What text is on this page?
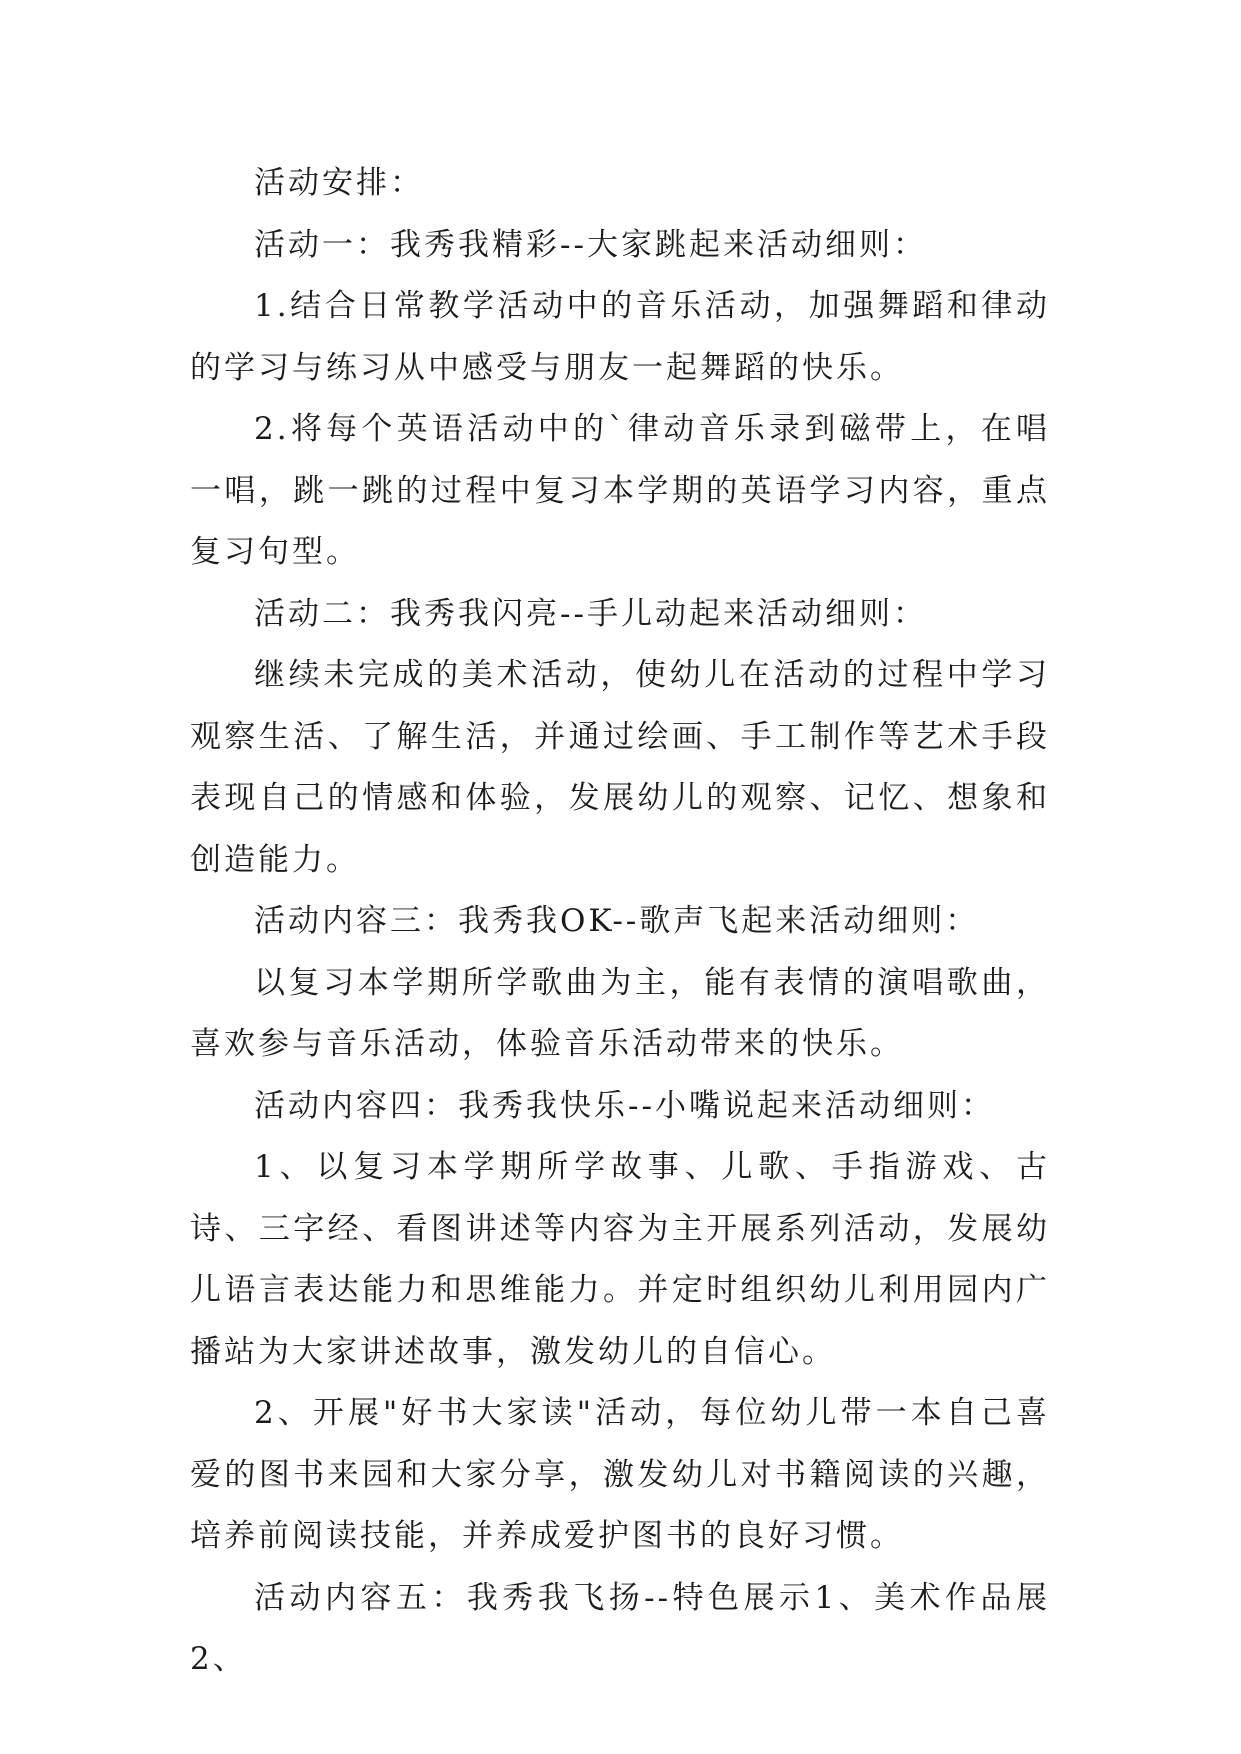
活动安排：

活动一：我秀我精彩--大家跳起来活动细则：

1.结合日常教学活动中的音乐活动，加强舞蹈和律动的学习与练习从中感受与朋友一起舞蹈的快乐。

2.将每个英语活动中的`律动音乐录到磁带上，在唱一唱，跳一跳的过程中复习本学期的英语学习内容，重点复习句型。

活动二：我秀我闪亮--手儿动起来活动细则：

继续未完成的美术活动，使幼儿在活动的过程中学习观察生活、了解生活，并通过绘画、手工制作等艺术手段表现自己的情感和体验，发展幼儿的观察、记忆、想象和创造能力。

活动内容三：我秀我OK--歌声飞起来活动细则：

以复习本学期所学歌曲为主，能有表情的演唱歌曲，喜欢参与音乐活动，体验音乐活动带来的快乐。

活动内容四：我秀我快乐--小嘴说起来活动细则：

1、以复习本学期所学故事、儿歌、手指游戏、古诗、三字经、看图讲述等内容为主开展系列活动，发展幼儿语言表达能力和思维能力。并定时组织幼儿利用园内广播站为大家讲述故事，激发幼儿的自信心。

2、开展"好书大家读"活动，每位幼儿带一本自己喜爱的图书来园和大家分享，激发幼儿对书籍阅读的兴趣，培养前阅读技能，并养成爱护图书的良好习惯。

活动内容五：我秀我飞扬--特色展示1、美术作品展2、
